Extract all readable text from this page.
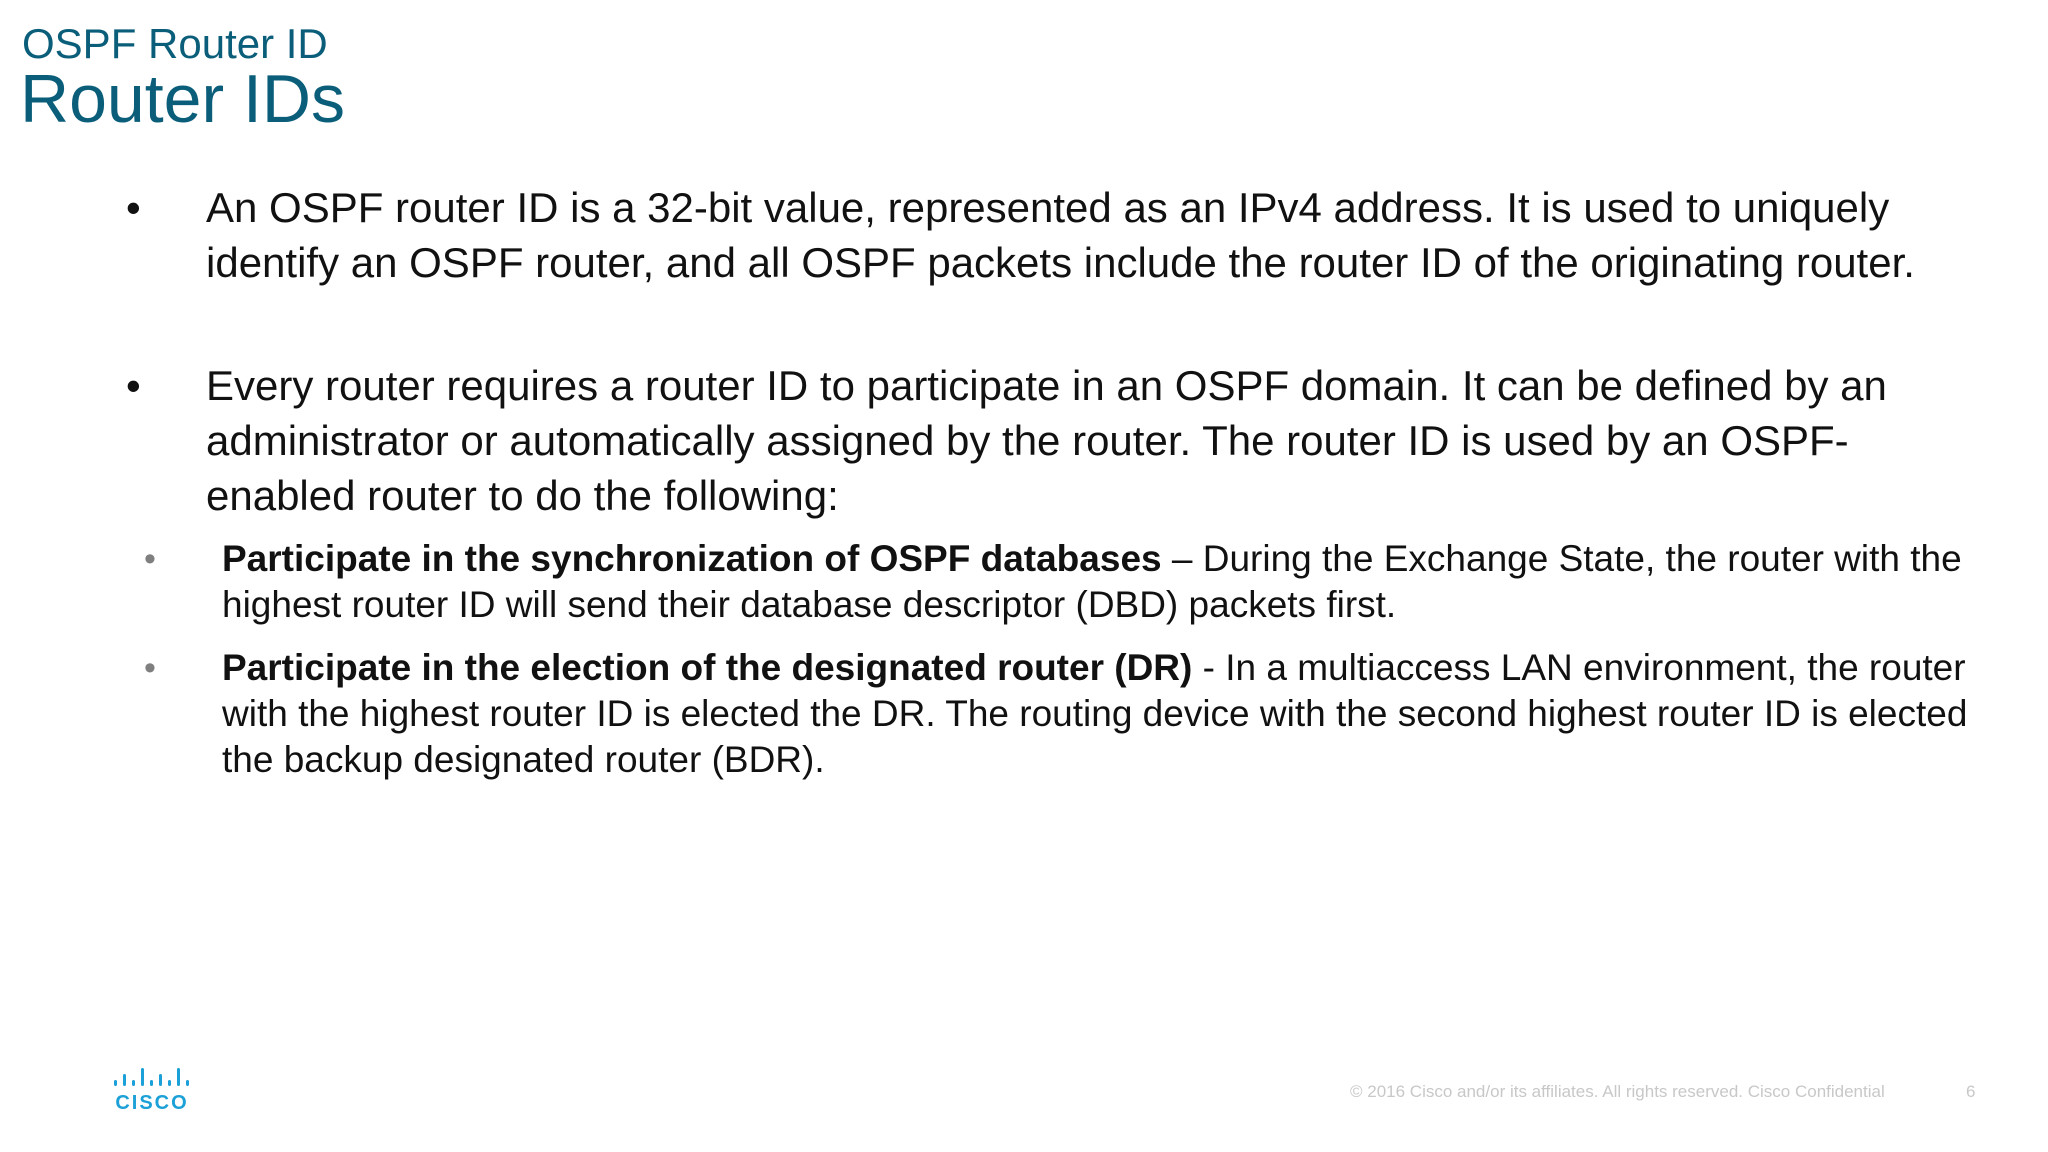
OSPF Router ID
Router IDs
• An OSPF router ID is a 32-bit value, represented as an IPv4 address. It is used to uniquely identify an OSPF router, and all OSPF packets include the router ID of the originating router.
• Every router requires a router ID to participate in an OSPF domain. It can be defined by an administrator or automatically assigned by the router. The router ID is used by an OSPF-enabled router to do the following:
• Participate in the synchronization of OSPF databases – During the Exchange State, the router with the highest router ID will send their database descriptor (DBD) packets first.
• Participate in the election of the designated router (DR) - In a multiaccess LAN environment, the router with the highest router ID is elected the DR. The routing device with the second highest router ID is elected the backup designated router (BDR).
CISCO
© 2016 Cisco and/or its affiliates. All rights reserved. Cisco Confidential	6
